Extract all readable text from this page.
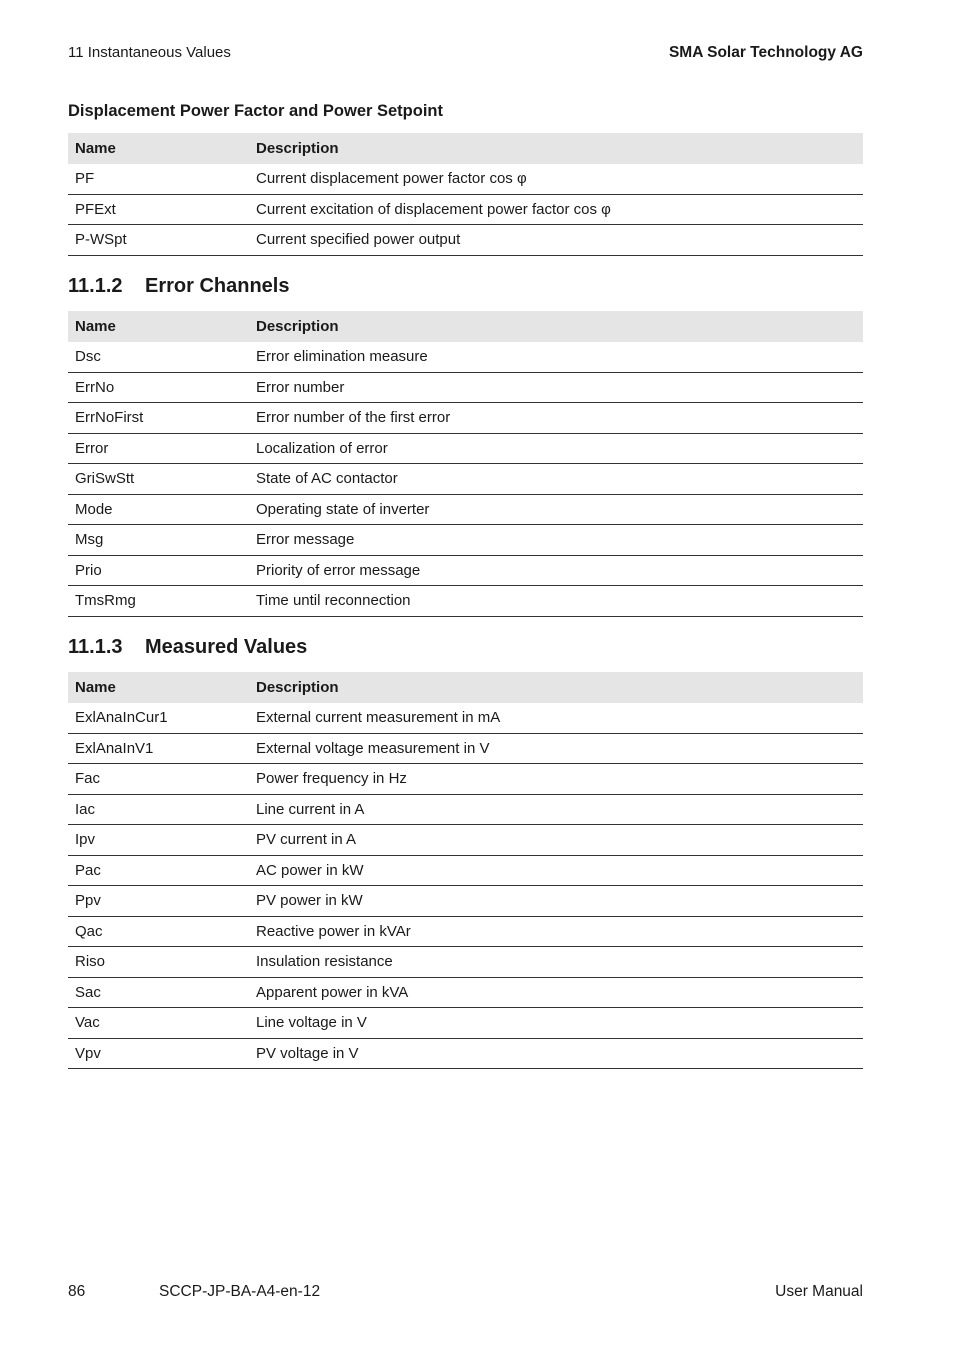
11 Instantaneous Values	SMA Solar Technology AG
Displacement Power Factor and Power Setpoint
Name	Description
PF	Current displacement power factor cos φ
PFExt	Current excitation of displacement power factor cos φ
P-WSpt	Current specified power output
11.1.2 Error Channels
Name	Description
Dsc	Error elimination measure
ErrNo	Error number
ErrNoFirst	Error number of the first error
Error	Localization of error
GriSwStt	State of AC contactor
Mode	Operating state of inverter
Msg	Error message
Prio	Priority of error message
TmsRmg	Time until reconnection
11.1.3 Measured Values
Name	Description
ExlAnaInCur1	External current measurement in mA
ExlAnaInV1	External voltage measurement in V
Fac	Power frequency in Hz
Iac	Line current in A
Ipv	PV current in A
Pac	AC power in kW
Ppv	PV power in kW
Qac	Reactive power in kVAr
Riso	Insulation resistance
Sac	Apparent power in kVA
Vac	Line voltage in V
Vpv	PV voltage in V
86	SCCP-JP-BA-A4-en-12	User Manual
